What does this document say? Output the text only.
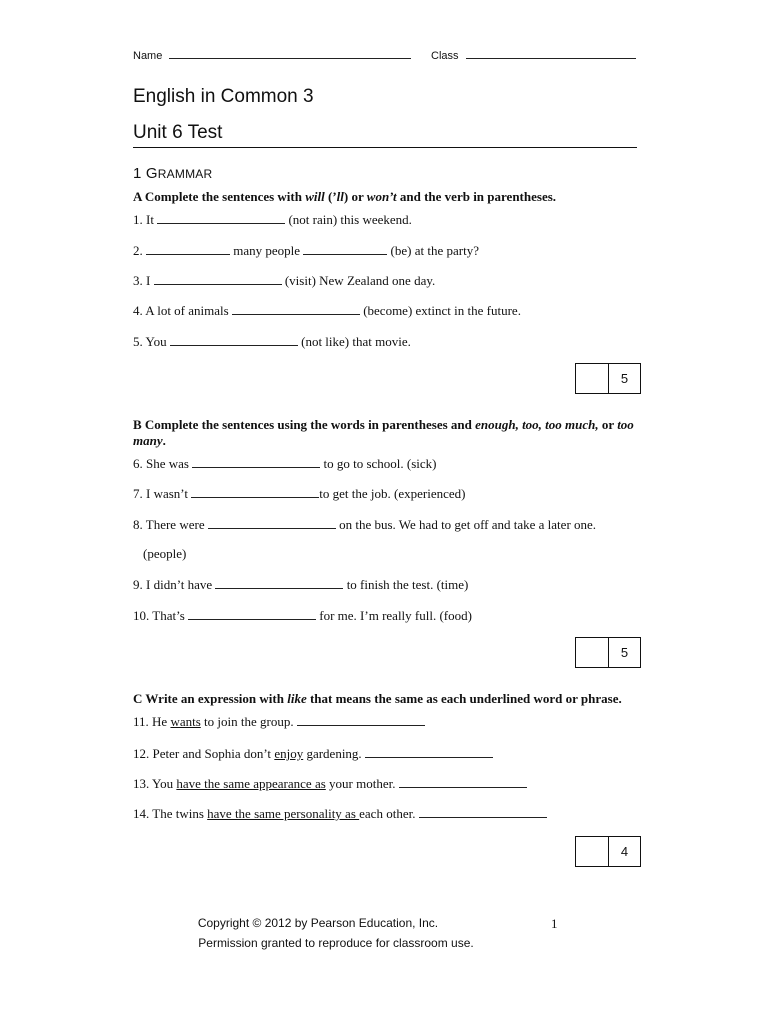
Name	Class
English in Common 3
Unit 6 Test
1 GRAMMAR
A Complete the sentences with will (’ll) or won’t and the verb in parentheses.
1. It	(not rain) this weekend.
2.	many people	(be) at the party?
3. I	(visit) New Zealand one day.
4. A lot of animals	(become) extinct in the future.
5. You	(not like) that movie.
5
B Complete the sentences using the words in parentheses and enough, too, too much, or too
many.
6. She was	to go to school. (sick)
7. I wasn’t	to get the job. (experienced)
8. There were	on the bus. We had to get off and take a later one.
(people)
9. I didn’t have	to finish the test. (time)
10. That’s	for me. I’m really full. (food)
5
C Write an expression with like that means the same as each underlined word or phrase.
11. He wants to join the group.
12. Peter and Sophia don’t enjoy gardening.
13. You have the same appearance as your mother.
14. The twins have the same personality as each other.
4
Copyright © 2012 by Pearson Education, Inc.
Permission granted to reproduce for classroom use.
1
